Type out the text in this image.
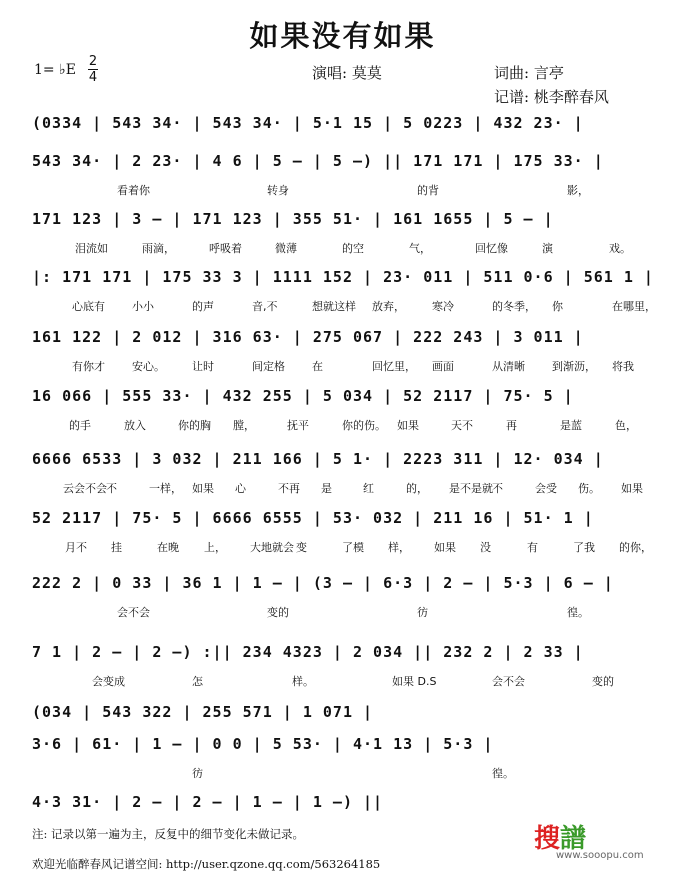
如果没有如果
1= ♭E
2
4	演唱: 莫莫	词曲: 言亭
记谱: 桃李醉春风
(0334 | 543 34· | 543 34· | 5·1 15 | 5 0223 | 432 23· |
543 34· | 2 23· | 4 6 | 5 – | 5 –) || 171 171 | 175 33· |
看着你	转身	的背	影，
171 123 | 3 – | 171 123 | 355 51· | 161 1655 | 5 – |
泪流如	雨滴，	呼吸着	微薄	的空	气，	回忆像	演	戏。
|: 171 171 | 175 33 3 | 1111 152 | 23· 011 | 511 0·6 | 561 1 |
心底有 小小	的声	音,不	想就这样 放弃， 寒冷	的冬季， 你	在哪里，
161 122 | 2 012 | 316 63· | 275 067 | 222 243 | 3 011 |
有你才 安心。 让时	间定格 在	回忆里， 画面	从清晰 到渐沥， 将我
16 066 | 555 33· | 432 255 | 5 034 | 52 2117 | 75· 5 |
的手	放入	你的胸 膛，	抚平	你的伤。 如果	天不	再	是蓝	色，
6666 6533 | 3 032 | 211 166 | 5 1· | 2223 311 | 12· 034 |
云会不会 不	一样， 如果 心	不再 是	红	的， 是不是就 不	会受 伤。 如果
52 2117 | 75· 5 | 6666 6555 | 53· 032 | 211 16 | 51· 1 |
月不 挂	在晚 上， 大地就会 变	了模 样， 如果 没	有	了我 的你，
222 2 | 0 33 | 36 1 | 1 – | (3 – | 6·3 | 2 – | 5·3 | 6 – |
会不会	变的	彷	徨。
7 1 | 2 – | 2 –) :|| 234 4323 | 2 034 || 232 2 | 2 33 |
会变成	怎	样。	如果 D.S	会不会	变的
(034 | 543 322 | 255 571 | 1 071 |
3·6 | 61· | 1 – | 0 0 | 5 53· | 4·1 13 | 5·3 |
彷	徨。
4·3 31· | 2 – | 2 – | 1 – | 1 –) ||
注: 记录以第一遍为主，反复中的细节变化未做记录。
欢迎光临醉春风记谱空间: http://user.qzone.qq.com/563264185
搜譜
www.sooopu.com
